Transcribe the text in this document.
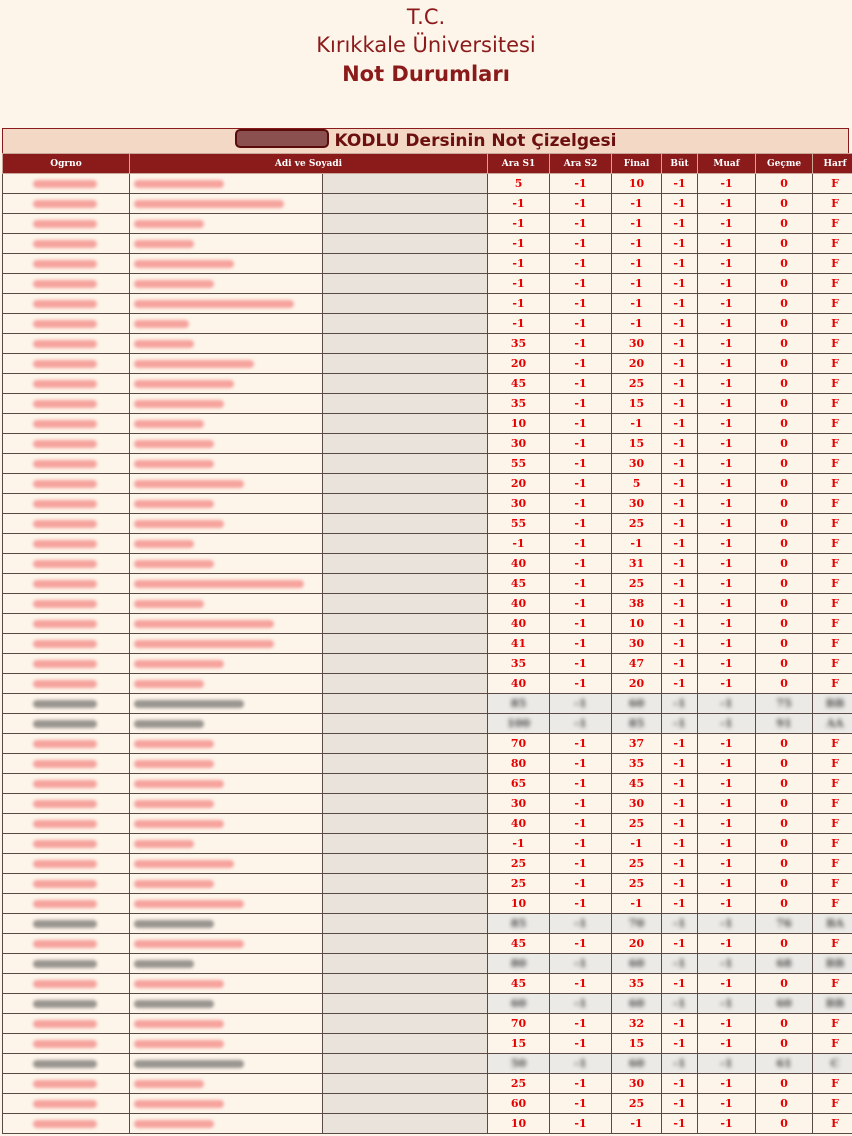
T.C.
Kırıkkale Üniversitesi
Not Durumları
KODLU Dersinin Not Çizelgesi
Ogrno	Adi ve Soyadi		Ara S1	Ara S2	Final	Büt	Muaf	Geçme	Harf
			5	-1	10	-1	-1	0	F
			-1	-1	-1	-1	-1	0	F
			-1	-1	-1	-1	-1	0	F
			-1	-1	-1	-1	-1	0	F
			-1	-1	-1	-1	-1	0	F
			-1	-1	-1	-1	-1	0	F
			-1	-1	-1	-1	-1	0	F
			-1	-1	-1	-1	-1	0	F
			35	-1	30	-1	-1	0	F
			20	-1	20	-1	-1	0	F
			45	-1	25	-1	-1	0	F
			35	-1	15	-1	-1	0	F
			10	-1	-1	-1	-1	0	F
			30	-1	15	-1	-1	0	F
			55	-1	30	-1	-1	0	F
			20	-1	5	-1	-1	0	F
			30	-1	30	-1	-1	0	F
			55	-1	25	-1	-1	0	F
			-1	-1	-1	-1	-1	0	F
			40	-1	31	-1	-1	0	F
			45	-1	25	-1	-1	0	F
			40	-1	38	-1	-1	0	F
			40	-1	10	-1	-1	0	F
			41	-1	30	-1	-1	0	F
			35	-1	47	-1	-1	0	F
			40	-1	20	-1	-1	0	F
			85	-1	60	-1	-1	75	BB
			100	-1	85	-1	-1	91	AA
			70	-1	37	-1	-1	0	F
			80	-1	35	-1	-1	0	F
			65	-1	45	-1	-1	0	F
			30	-1	30	-1	-1	0	F
			40	-1	25	-1	-1	0	F
			-1	-1	-1	-1	-1	0	F
			25	-1	25	-1	-1	0	F
			25	-1	25	-1	-1	0	F
			10	-1	-1	-1	-1	0	F
			85	-1	70	-1	-1	76	BA
			45	-1	20	-1	-1	0	F
			80	-1	60	-1	-1	68	BB
			45	-1	35	-1	-1	0	F
			60	-1	60	-1	-1	60	BB
			70	-1	32	-1	-1	0	F
			15	-1	15	-1	-1	0	F
			50	-1	60	-1	-1	61	C
			25	-1	30	-1	-1	0	F
			60	-1	25	-1	-1	0	F
			10	-1	-1	-1	-1	0	F
